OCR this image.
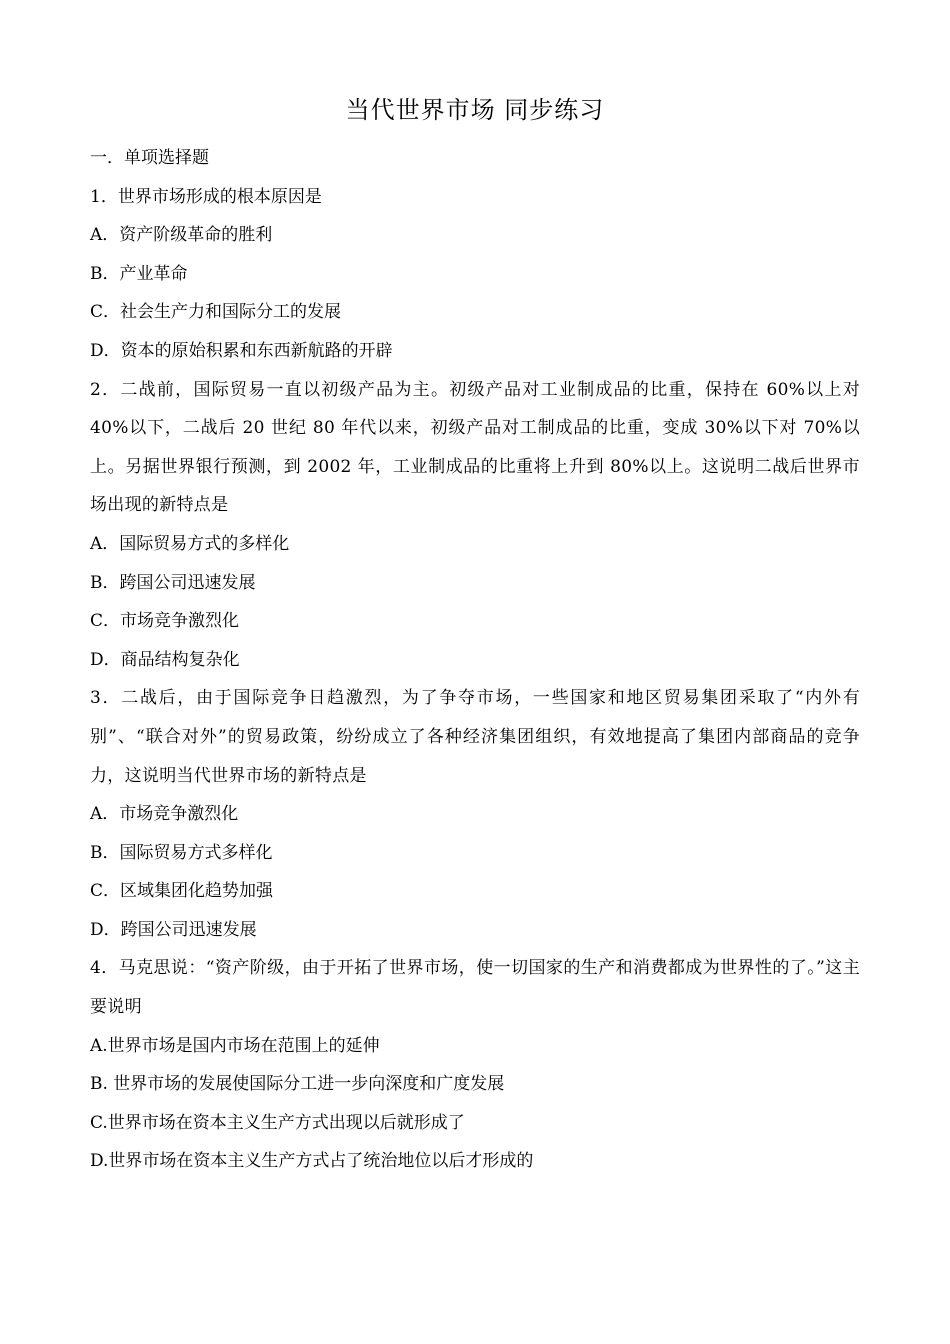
当代世界市场 同步练习
一．单项选择题
1．世界市场形成的根本原因是
A．资产阶级革命的胜利
B．产业革命
C．社会生产力和国际分工的发展
D．资本的原始积累和东西新航路的开辟
2．二战前，国际贸易一直以初级产品为主。初级产品对工业制成品的比重，保持在 60%以上对 40%以下，二战后 20 世纪 80 年代以来，初级产品对工制成品的比重，变成 30%以下对 70%以上。另据世界银行预测，到 2002 年，工业制成品的比重将上升到 80%以上。这说明二战后世界市场出现的新特点是
A．国际贸易方式的多样化
B．跨国公司迅速发展
C．市场竞争激烈化
D．商品结构复杂化
3．二战后，由于国际竞争日趋激烈，为了争夺市场，一些国家和地区贸易集团采取了“内外有别”、“联合对外”的贸易政策，纷纷成立了各种经济集团组织，有效地提高了集团内部商品的竞争力，这说明当代世界市场的新特点是
A．市场竞争激烈化
B．国际贸易方式多样化
C．区域集团化趋势加强
D．跨国公司迅速发展
4．马克思说：“资产阶级，由于开拓了世界市场，使一切国家的生产和消费都成为世界性的了。”这主要说明
A.世界市场是国内市场在范围上的延伸
B. 世界市场的发展使国际分工进一步向深度和广度发展
C.世界市场在资本主义生产方式出现以后就形成了
D.世界市场在资本主义生产方式占了统治地位以后才形成的
